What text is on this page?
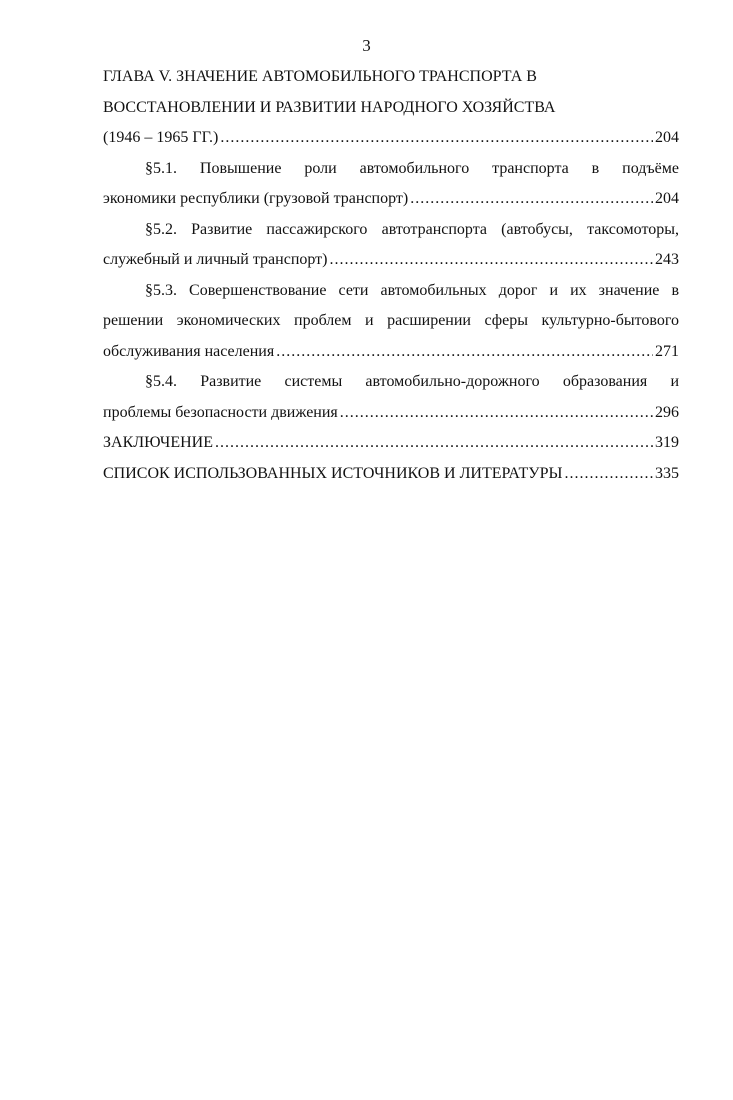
3
ГЛАВА V. ЗНАЧЕНИЕ АВТОМОБИЛЬНОГО ТРАНСПОРТА В
ВОССТАНОВЛЕНИИ И РАЗВИТИИ НАРОДНОГО ХОЗЯЙСТВА
(1946 – 1965 ГГ.) .....	204
§5.1. Повышение роли автомобильного транспорта в подъёме
экономики республики (грузовой транспорт) .....	204
§5.2. Развитие пассажирского автотранспорта (автобусы, таксомоторы,
служебный и личный транспорт) .....	243
§5.3. Совершенствование сети автомобильных дорог и их значение в
решении экономических проблем и расширении сферы культурно-бытового
обслуживания населения .....	271
§5.4. Развитие системы автомобильно-дорожного образования и
проблемы безопасности движения .....	296
ЗАКЛЮЧЕНИЕ .....	319
СПИСОК ИСПОЛЬЗОВАННЫХ ИСТОЧНИКОВ И ЛИТЕРАТУРЫ .....	335
